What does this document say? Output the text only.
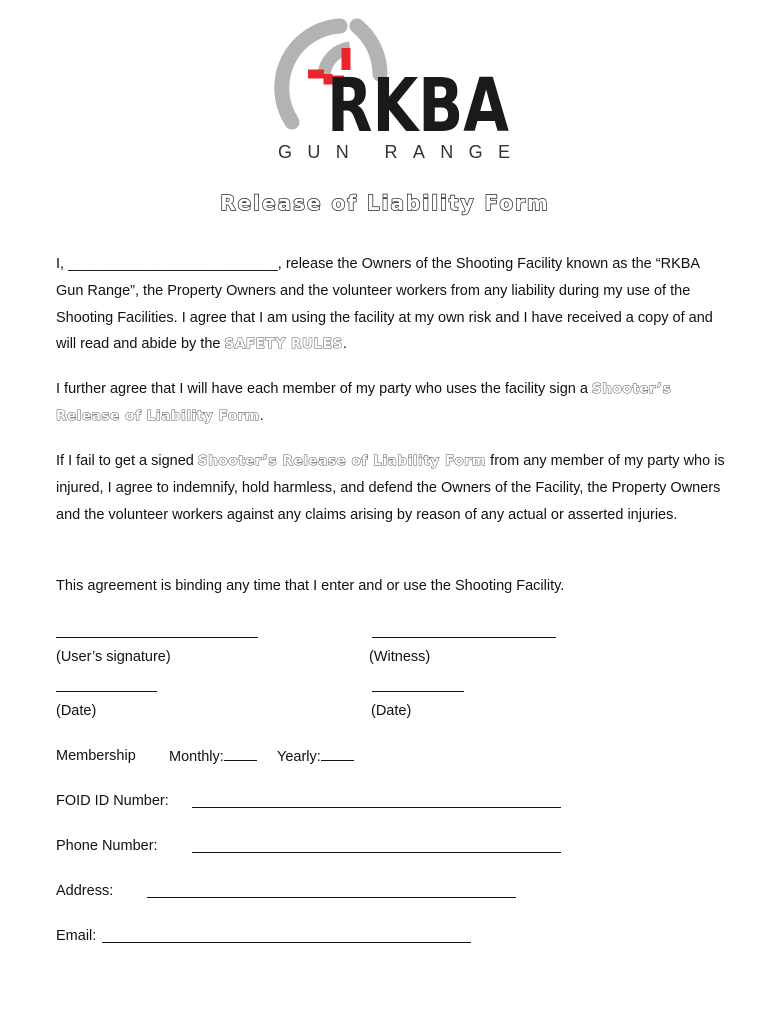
RKBA
GUN RANGE
Release of Liability Form

I, __________________________, release the Owners of the Shooting Facility known as the “RKBA Gun Range”, the Property Owners and the volunteer workers from any liability during my use of the Shooting Facilities. I agree that I am using the facility at my own risk and I have received a copy of and will read and abide by the SAFETY RULES.

I further agree that I will have each member of my party who uses the facility sign a Shooter’s Release of Liability Form.

If I fail to get a signed Shooter’s Release of Liability Form from any member of my party who is injured, I agree to indemnify, hold harmless, and defend the Owners of the Facility, the Property Owners and the volunteer workers against any claims arising by reason of any actual or asserted injuries.

This agreement is binding any time that I enter and or use the Shooting Facility.

(User’s signature)	(Witness)
(Date)	(Date)
Membership Monthly:	Yearly:
FOID ID Number:
Phone Number:
Address:
Email:
